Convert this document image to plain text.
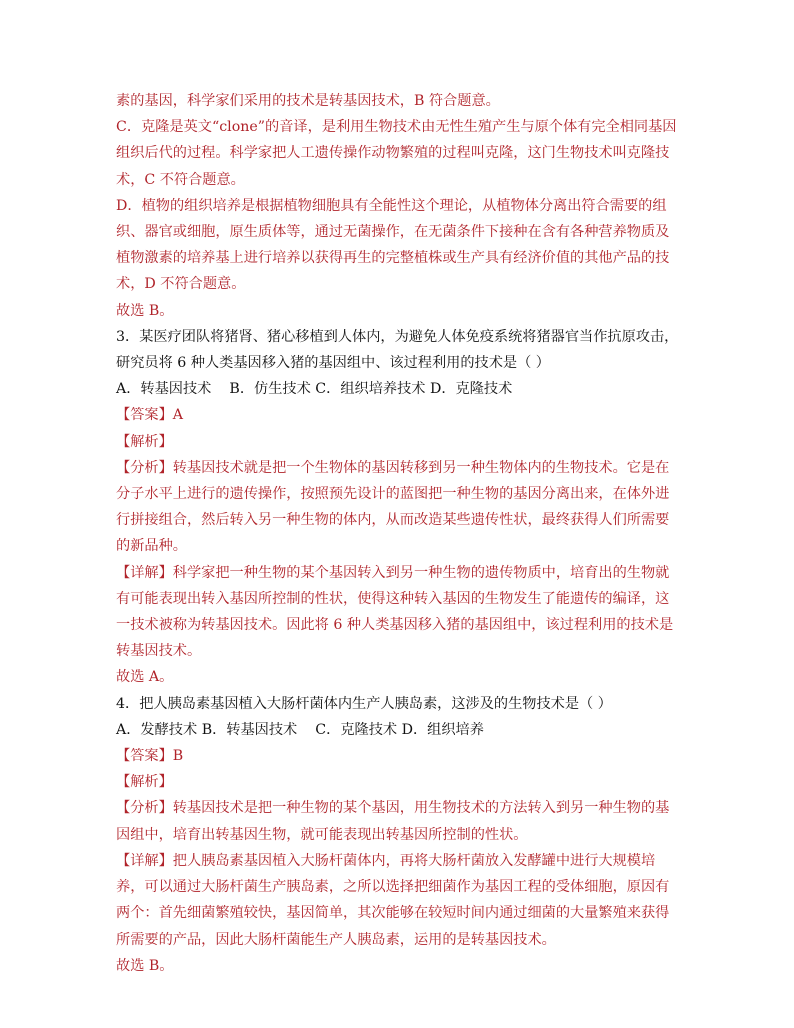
素的基因，科学家们采用的技术是转基因技术，B 符合题意。

C．克隆是英文“clone”的音译，是利用生物技术由无性生殖产生与原个体有完全相同基因组织后代的过程。科学家把人工遗传操作动物繁殖的过程叫克隆，这门生物技术叫克隆技术，C 不符合题意。

D．植物的组织培养是根据植物细胞具有全能性这个理论，从植物体分离出符合需要的组织、器官或细胞，原生质体等，通过无菌操作，在无菌条件下接种在含有各种营养物质及植物激素的培养基上进行培养以获得再生的完整植株或生产具有经济价值的其他产品的技术，D 不符合题意。

故选 B。

3．某医疗团队将猪肾、猪心移植到人体内，为避免人体免疫系统将猪器官当作抗原攻击，研究员将 6 种人类基因移入猪的基因组中、该过程利用的技术是（ ）

A．转基因技术    B．仿生技术 C．组织培养技术 D．克隆技术

【答案】A

【解析】

【分析】转基因技术就是把一个生物体的基因转移到另一种生物体内的生物技术。它是在分子水平上进行的遗传操作，按照预先设计的蓝图把一种生物的基因分离出来，在体外进行拼接组合，然后转入另一种生物的体内，从而改造某些遗传性状，最终获得人们所需要的新品种。

【详解】科学家把一种生物的某个基因转入到另一种生物的遗传物质中，培育出的生物就有可能表现出转入基因所控制的性状，使得这种转入基因的生物发生了能遗传的编译，这一技术被称为转基因技术。因此将 6 种人类基因移入猪的基因组中，该过程利用的技术是转基因技术。

故选 A。

4．把人胰岛素基因植入大肠杆菌体内生产人胰岛素，这涉及的生物技术是（ ）

A．发酵技术 B．转基因技术    C．克隆技术 D．组织培养

【答案】B

【解析】

【分析】转基因技术是把一种生物的某个基因，用生物技术的方法转入到另一种生物的基因组中，培育出转基因生物，就可能表现出转基因所控制的性状。

【详解】把人胰岛素基因植入大肠杆菌体内，再将大肠杆菌放入发酵罐中进行大规模培养，可以通过大肠杆菌生产胰岛素，之所以选择把细菌作为基因工程的受体细胞，原因有两个：首先细菌繁殖较快，基因简单，其次能够在较短时间内通过细菌的大量繁殖来获得所需要的产品，因此大肠杆菌能生产人胰岛素，运用的是转基因技术。

故选 B。
